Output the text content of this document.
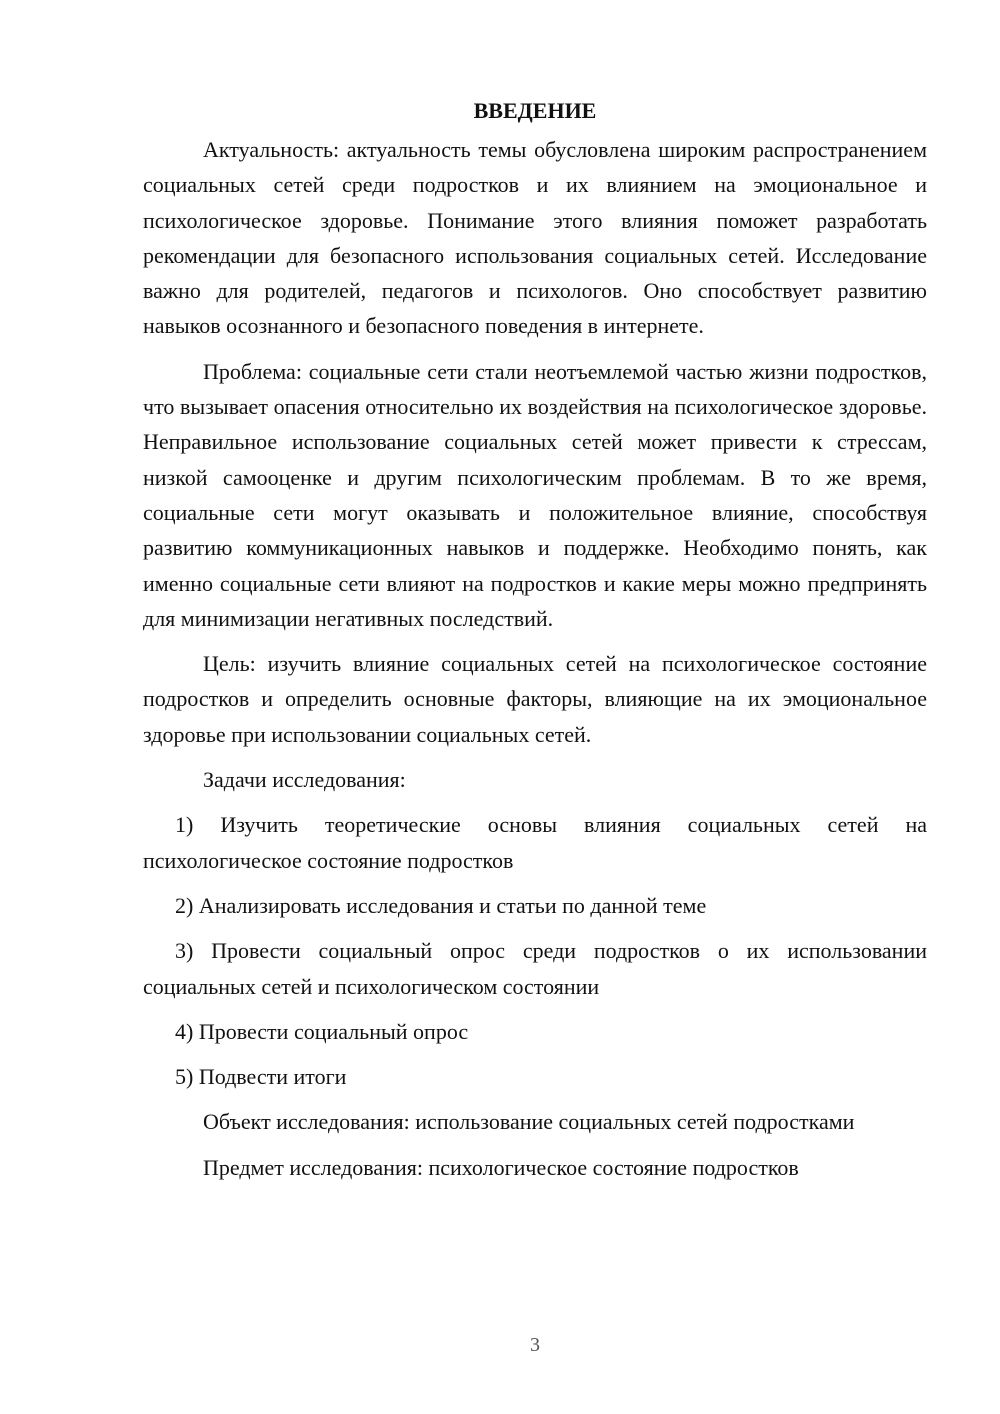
ВВЕДЕНИЕ

Актуальность: актуальность темы обусловлена широким распространением социальных сетей среди подростков и их влиянием на эмоциональное и психологическое здоровье. Понимание этого влияния поможет разработать рекомендации для безопасного использования социальных сетей. Исследование важно для родителей, педагогов и психологов. Оно способствует развитию навыков осознанного и безопасного поведения в интернете.

Проблема: социальные сети стали неотъемлемой частью жизни подростков, что вызывает опасения относительно их воздействия на психологическое здоровье. Неправильное использование социальных сетей может привести к стрессам, низкой самооценке и другим психологическим проблемам. В то же время, социальные сети могут оказывать и положительное влияние, способствуя развитию коммуникационных навыков и поддержке. Необходимо понять, как именно социальные сети влияют на подростков и какие меры можно предпринять для минимизации негативных последствий.

Цель: изучить влияние социальных сетей на психологическое состояние подростков и определить основные факторы, влияющие на их эмоциональное здоровье при использовании социальных сетей.

Задачи исследования:

1) Изучить теоретические основы влияния социальных сетей на психологическое состояние подростков

2) Анализировать исследования и статьи по данной теме

3) Провести социальный опрос среди подростков о их использовании социальных сетей и психологическом состоянии

4) Провести социальный опрос

5) Подвести итоги

Объект исследования: использование социальных сетей подростками

Предмет исследования: психологическое состояние подростков

3
